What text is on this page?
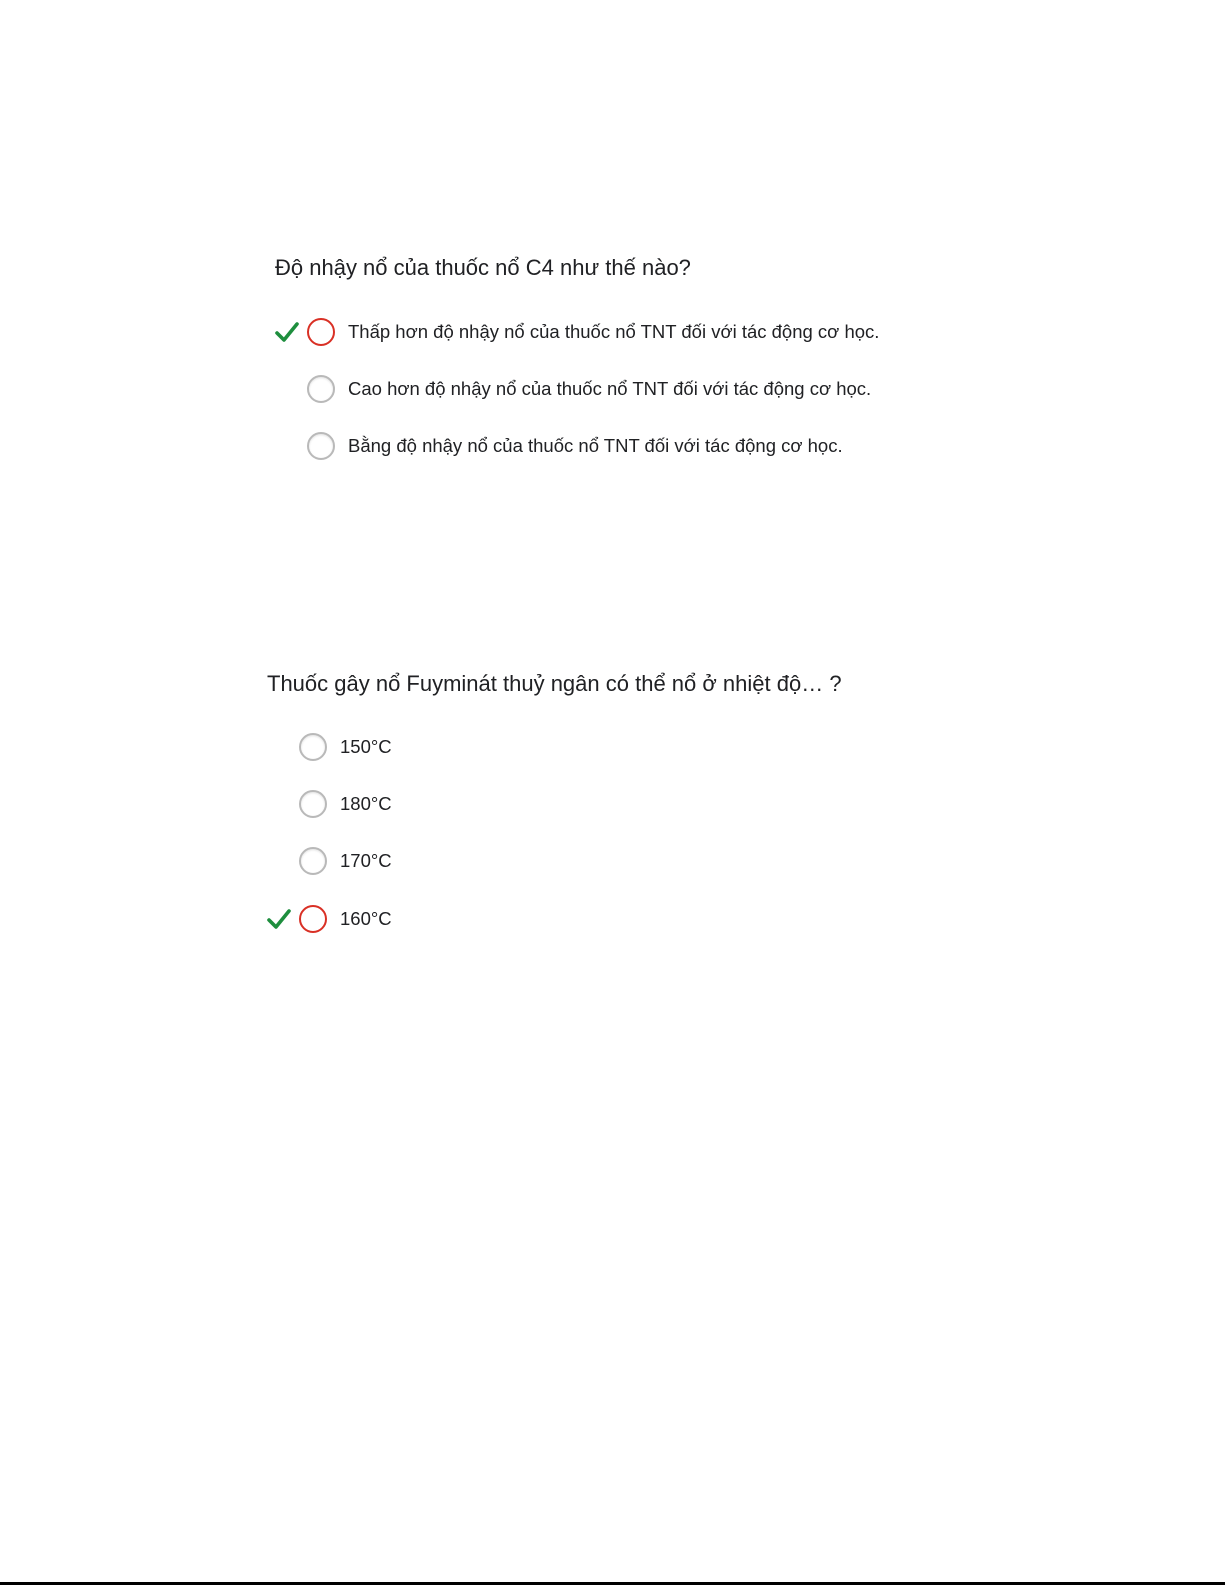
Độ nhậy nổ của thuốc nổ C4 như thế nào?
Thấp hơn độ nhậy nổ của thuốc nổ TNT đối với tác động cơ học.
Cao hơn độ nhậy nổ của thuốc nổ TNT đối với tác động cơ học.
Bằng độ nhậy nổ của thuốc nổ TNT đối với tác động cơ học.
Thuốc gây nổ Fuyminát thuỷ ngân có thể nổ ở nhiệt độ… ?
150°C
180°C
170°C
160°C
